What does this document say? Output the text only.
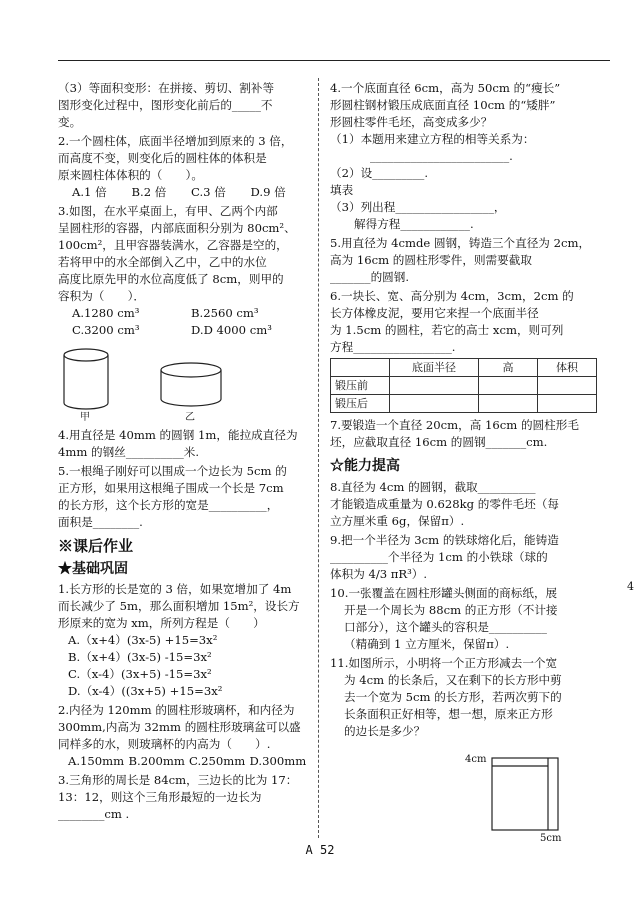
（3）等面积变形：在拼接、剪切、割补等
图形变化过程中，图形变化前后的_____不
变。
2.一个圆柱体，底面半径增加到原来的 3 倍，
而高度不变，则变化后的圆柱体的体积是
原来圆柱体体积的（　　）。
A.1 倍	B.2 倍	C.3 倍	D.9 倍
3.如图，在水平桌面上，有甲、乙两个内部
呈圆柱形的容器，内部底面积分别为 80cm²、
100cm²，且甲容器装满水，乙容器是空的，
若将甲中的水全部倒入乙中，乙中的水位
高度比原先甲的水位高度低了 8cm，则甲的
容积为（　　）．
A.1280 cm³	B.2560 cm³
C.3200 cm³	D.D 4000 cm³
甲	乙
4.用直径是 40mm 的圆钢 1m，能拉成直径为
4mm 的钢丝__________米.
5.一根绳子刚好可以围成一个边长为 5cm 的
正方形，如果用这根绳子围成一个长是 7cm
的长方形，这个长方形的宽是__________，
面积是________.
※课后作业
★基础巩固
1.长方形的长是宽的 3 倍，如果宽增加了 4m
而长减少了 5m，那么面积增加 15m²，设长方
形原来的宽为 xm，所列方程是（　　）
A.（x+4）(3x-5) +15=3x²
B.（x+4）(3x-5) -15=3x²
C.（x-4）(3x+5) -15=3x²
D.（x-4）((3x+5) +15=3x²
2.内径为 120mm 的圆柱形玻璃杯，和内径为
300mm,内高为 32mm 的圆柱形玻璃盆可以盛
同样多的水，则玻璃杯的内高为（　　）.
A.150mm B.200mm C.250mm D.300mm
3.三角形的周长是 84cm，三边长的比为 17：
13：12，则这个三角形最短的一边长为
________cm .
4.一个底面直径 6cm，高为 50cm 的“瘦长”
形圆柱钢材锻压成底面直径 10cm 的“矮胖”
形圆柱零件毛坯，高变成多少？
（1）本题用来建立方程的相等关系为：
________________________.
（2）设_________.
填表
（3）列出程_________________，
解得方程____________.
5.用直径为 4cmde 圆钢，铸造三个直径为 2cm，
高为 16cm 的圆柱形零件，则需要截取
_______的圆钢.
6.一块长、宽、高分别为 4cm，3cm，2cm 的
长方体橡皮泥，要用它来捏一个底面半径
为 1.5cm 的圆柱，若它的高士 xcm，则可列
方程_________________.
	底面半径	高	体积
锻压前			
锻压后			
7.要锻造一个直径 20cm，高 16cm 的圆柱形毛
坯，应截取直径 16cm 的圆钢_______cm.
☆能力提高
8.直径为 4cm 的圆钢，截取__________
才能锻造成重量为 0.628kg 的零件毛坯（每
立方厘米重 6g，保留π）.
9.把一个半径为 3cm 的铁球熔化后，能铸造
__________个半径为 1cm 的小铁球（球的
体积为 4/3 πR³）.
10.一张覆盖在圆柱形罐头侧面的商标纸，展
开是一个周长为 88cm 的正方形（不计接
口部分），这个罐头的容积是__________
（精确到 1 立方厘米，保留π）.
11.如图所示，小明将一个正方形减去一个宽
为 4cm 的长条后，又在剩下的长方形中剪
去一个宽为 5cm 的长方形，若两次剪下的
长条面积正好相等，想一想，原来正方形
的边长是多少？
4cm
5cm
4
A 52
